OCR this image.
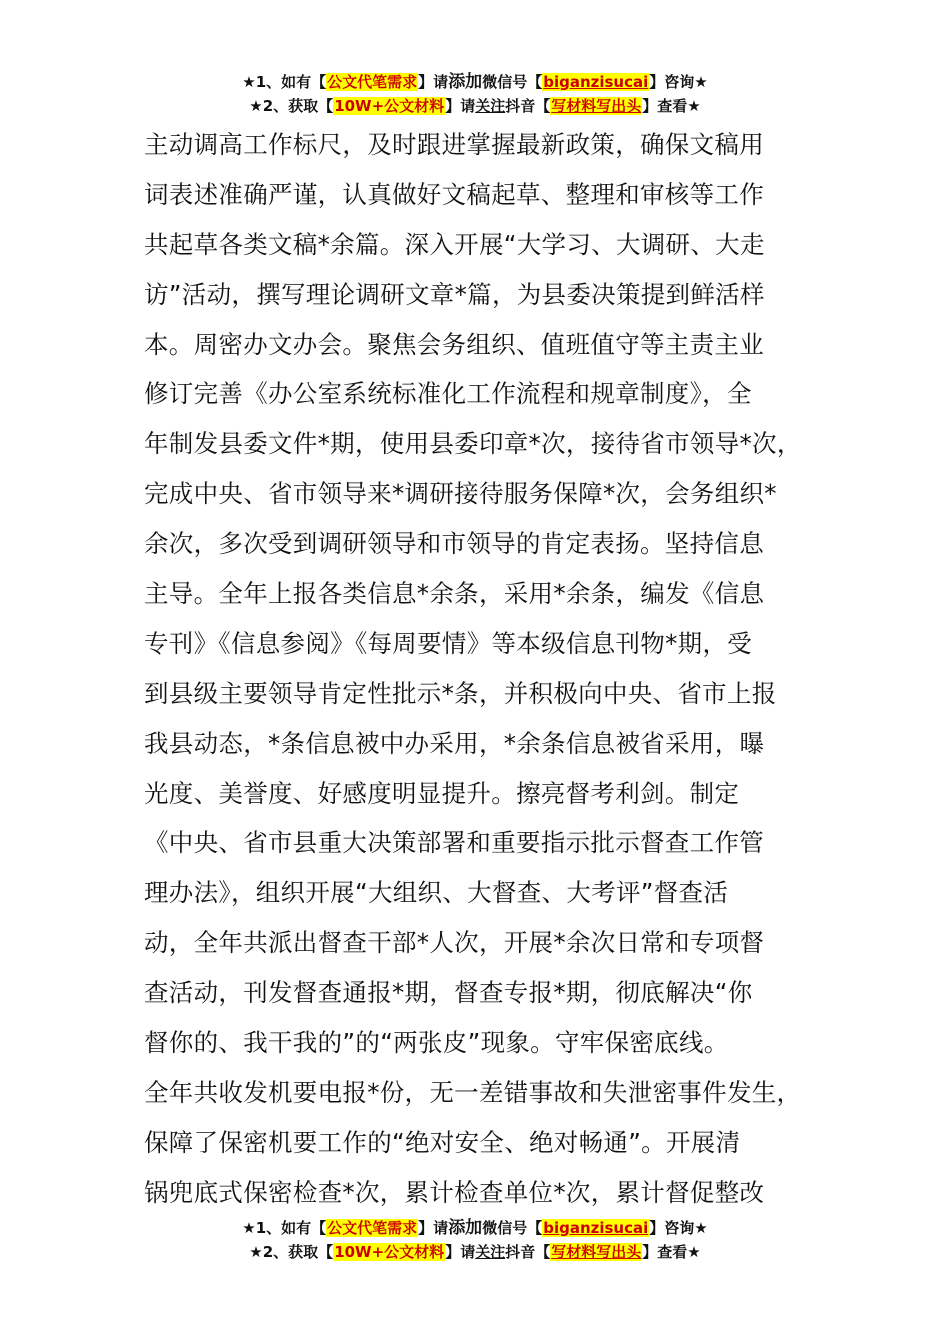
★1、如有【公文代笔需求】请添加微信号【biganzisucai】咨询★
★2、获取【10W+公文材料】请关注抖音【写材料写出头】查看★
主动调高工作标尺，及时跟进掌握最新政策，确保文稿用
词表述准确严谨，认真做好文稿起草、整理和审核等工作
共起草各类文稿*余篇。深入开展“大学习、大调研、大走
访”活动，撰写理论调研文章*篇，为县委决策提到鲜活样
本。周密办文办会。聚焦会务组织、值班值守等主责主业
修订完善《办公室系统标准化工作流程和规章制度》，全
年制发县委文件*期，使用县委印章*次，接待省市领导*次，
完成中央、省市领导来*调研接待服务保障*次，会务组织*
余次，多次受到调研领导和市领导的肯定表扬。坚持信息
主导。全年上报各类信息*余条，采用*余条，编发《信息
专刊》《信息参阅》《每周要情》等本级信息刊物*期，受
到县级主要领导肯定性批示*条，并积极向中央、省市上报
我县动态，*条信息被中办采用，*余条信息被省采用，曝
光度、美誉度、好感度明显提升。擦亮督考利剑。制定
《中央、省市县重大决策部署和重要指示批示督查工作管
理办法》，组织开展“大组织、大督查、大考评”督查活
动，全年共派出督查干部*人次，开展*余次日常和专项督
查活动，刊发督查通报*期，督查专报*期，彻底解决“你
督你的、我干我的”的“两张皮”现象。守牢保密底线。
全年共收发机要电报*份，无一差错事故和失泄密事件发生，
保障了保密机要工作的“绝对安全、绝对畅通”。开展清
锅兜底式保密检查*次，累计检查单位*次，累计督促整改
★1、如有【公文代笔需求】请添加微信号【biganzisucai】咨询★
★2、获取【10W+公文材料】请关注抖音【写材料写出头】查看★
